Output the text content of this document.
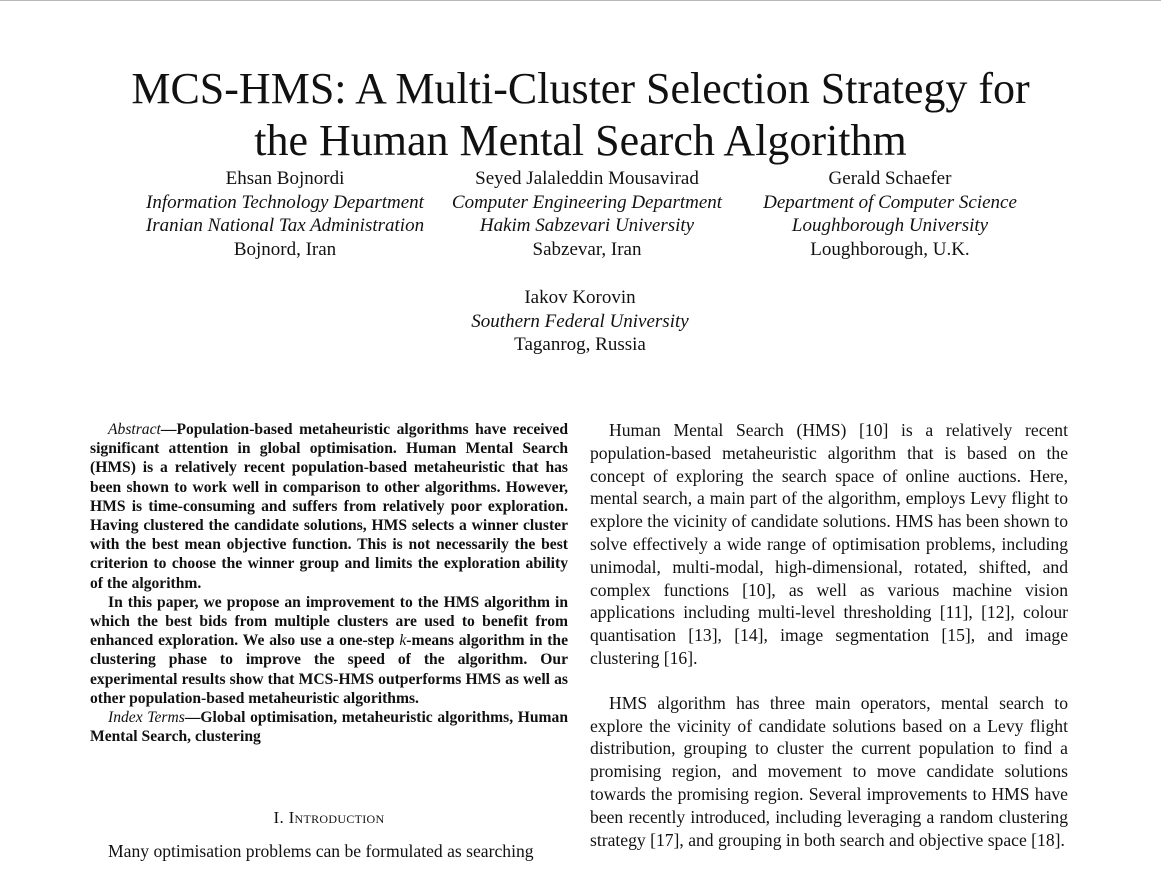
MCS-HMS: A Multi-Cluster Selection Strategy for
the Human Mental Search Algorithm
Ehsan Bojnordi
Information Technology Department
Iranian National Tax Administration
Bojnord, Iran
Seyed Jalaleddin Mousavirad
Computer Engineering Department
Hakim Sabzevari University
Sabzevar, Iran
Gerald Schaefer
Department of Computer Science
Loughborough University
Loughborough, U.K.
Iakov Korovin
Southern Federal University
Taganrog, Russia

Abstract—Population-based metaheuristic algorithms have received significant attention in global optimisation. Human Mental Search (HMS) is a relatively recent population-based metaheuristic that has been shown to work well in comparison to other algorithms. However, HMS is time-consuming and suffers from relatively poor exploration. Having clustered the candidate solutions, HMS selects a winner cluster with the best mean objective function. This is not necessarily the best criterion to choose the winner group and limits the exploration ability of the algorithm.

In this paper, we propose an improvement to the HMS algorithm in which the best bids from multiple clusters are used to benefit from enhanced exploration. We also use a one-step k-means algorithm in the clustering phase to improve the speed of the algorithm. Our experimental results show that MCS-HMS outperforms HMS as well as other population-based metaheuristic algorithms.

Index Terms—Global optimisation, metaheuristic algorithms, Human Mental Search, clustering

I. Introduction

Many optimisation problems can be formulated as searching

Human Mental Search (HMS) [10] is a relatively recent population-based metaheuristic algorithm that is based on the concept of exploring the search space of online auctions. Here, mental search, a main part of the algorithm, employs Levy flight to explore the vicinity of candidate solutions. HMS has been shown to solve effectively a wide range of optimisation problems, including unimodal, multi-modal, high-dimensional, rotated, shifted, and complex functions [10], as well as various machine vision applications including multi-level thresholding [11], [12], colour quantisation [13], [14], image segmentation [15], and image clustering [16].

HMS algorithm has three main operators, mental search to explore the vicinity of candidate solutions based on a Levy flight distribution, grouping to cluster the current population to find a promising region, and movement to move candidate solutions towards the promising region. Several improvements to HMS have been recently introduced, including leveraging a random clustering strategy [17], and grouping in both search and objective space [18].
